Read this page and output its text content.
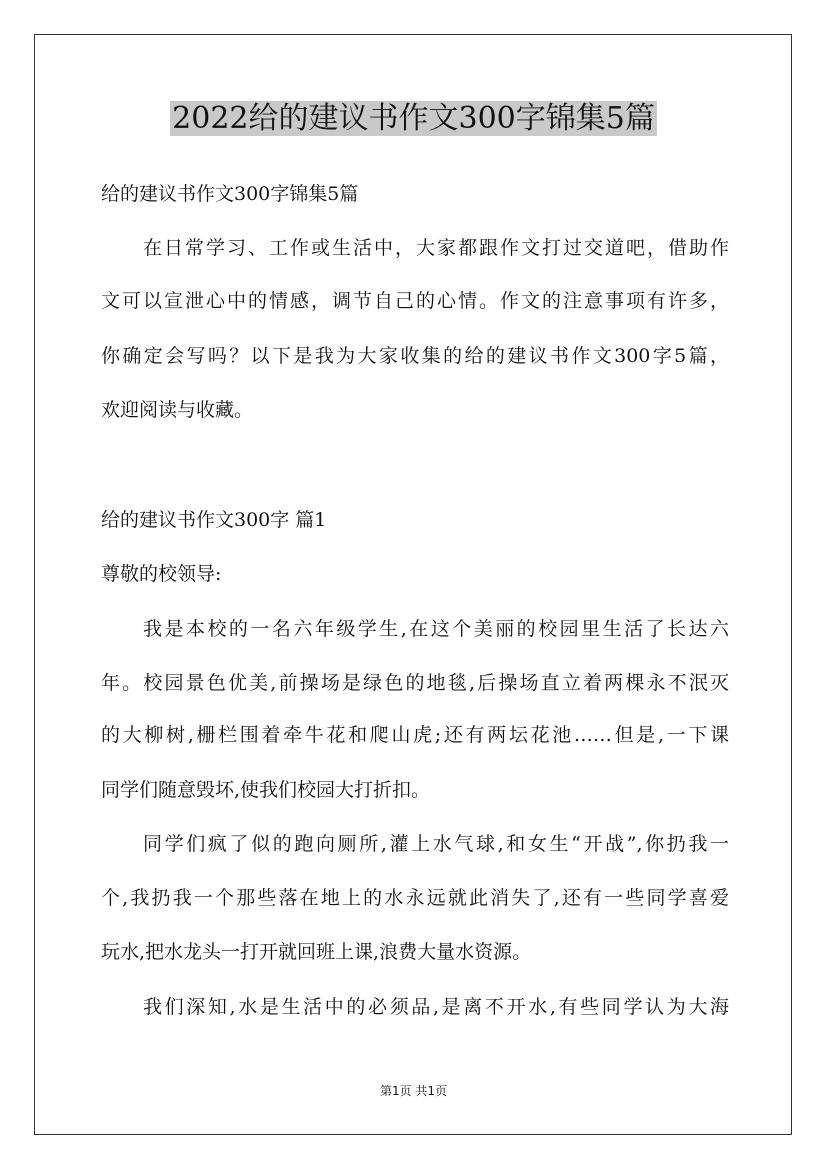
2022给的建议书作文300字锦集5篇
给的建议书作文300字锦集5篇
在日常学习、工作或生活中，大家都跟作文打过交道吧，借助作
文可以宣泄心中的情感，调节自己的心情。作文的注意事项有许多，
你确定会写吗？以下是我为大家收集的给的建议书作文300字5篇，
欢迎阅读与收藏。
给的建议书作文300字 篇1
尊敬的校领导:
我是本校的一名六年级学生,在这个美丽的校园里生活了长达六
年。校园景色优美,前操场是绿色的地毯,后操场直立着两棵永不泯灭
的大柳树,栅栏围着牵牛花和爬山虎;还有两坛花池……但是,一下课
同学们随意毁坏,使我们校园大打折扣。
同学们疯了似的跑向厕所,灌上水气球,和女生“开战”,你扔我一
个,我扔我一个那些落在地上的水永远就此消失了,还有一些同学喜爱
玩水,把水龙头一打开就回班上课,浪费大量水资源。
我们深知,水是生活中的必须品,是离不开水,有些同学认为大海
第1页 共1页
